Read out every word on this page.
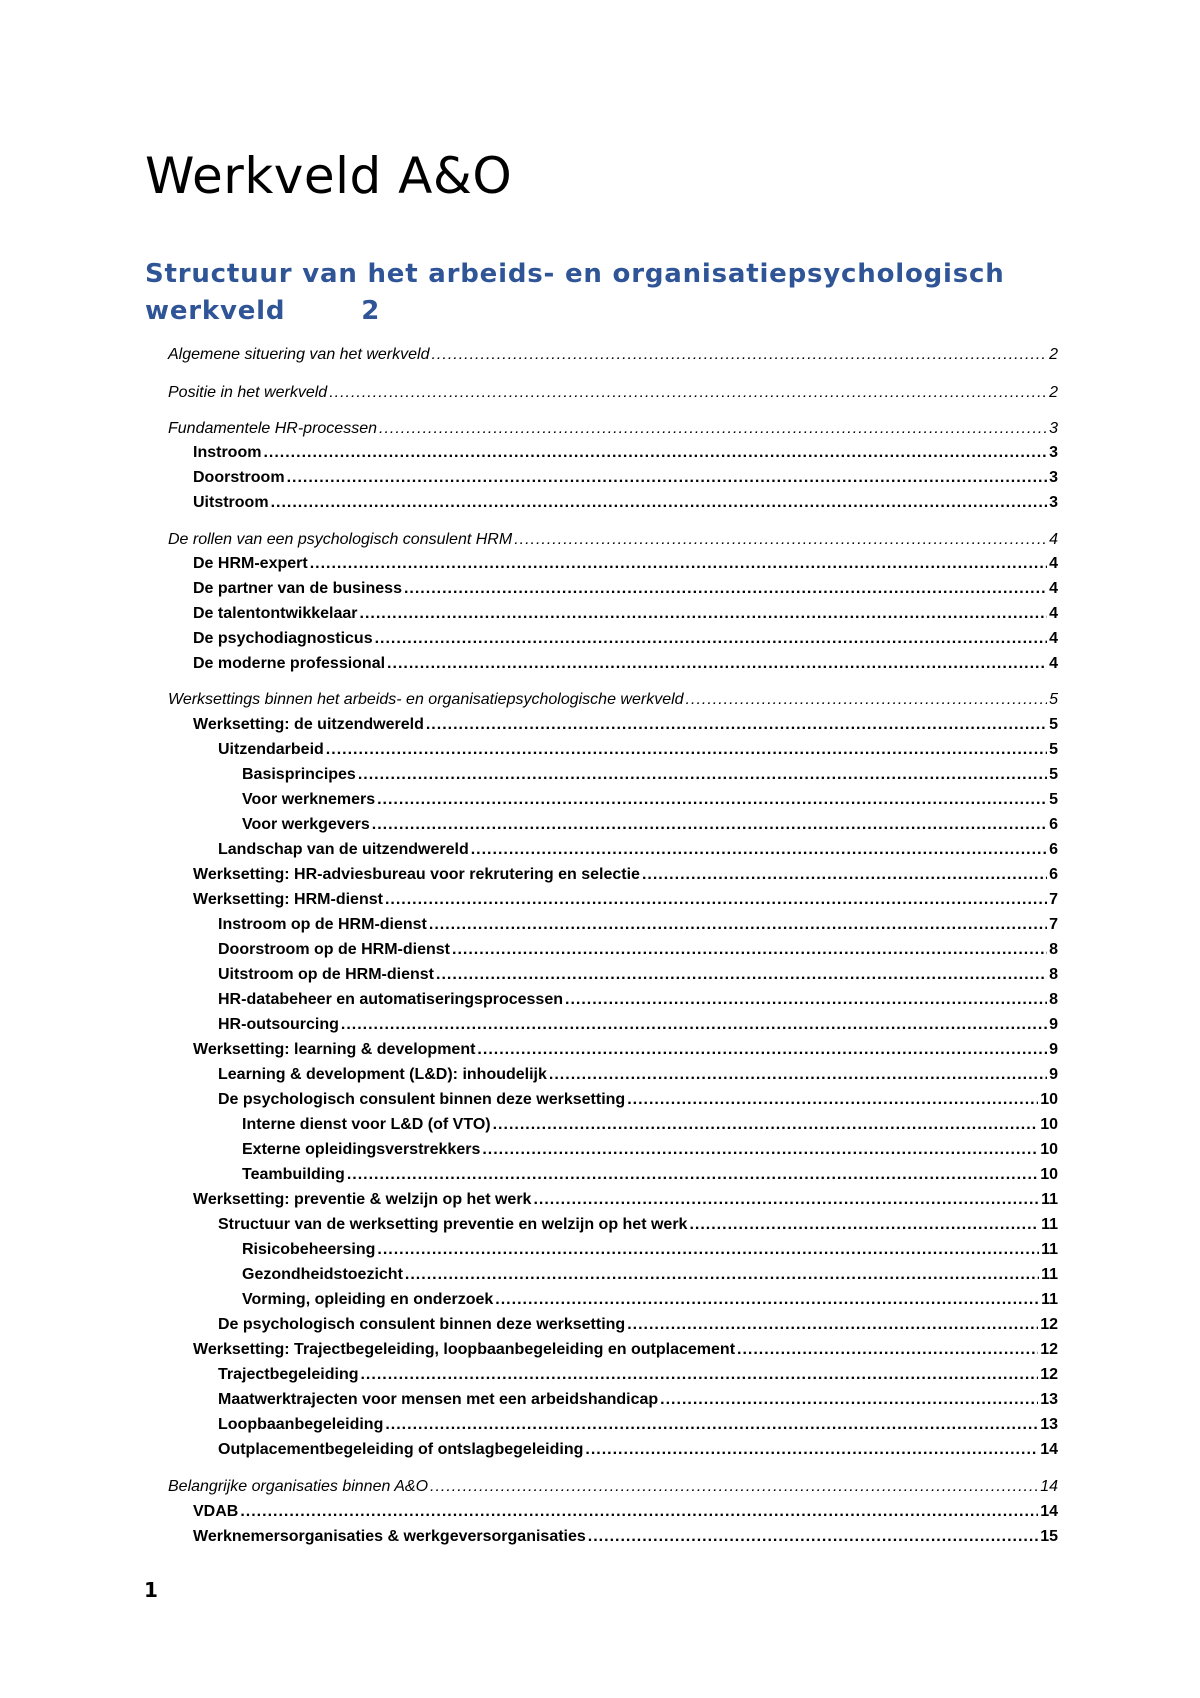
Werkveld A&O
Structuur van het arbeids- en organisatiepsychologisch werkveld	2
Algemene situering van het werkveld .....	2
Positie in het werkveld .....	2
Fundamentele HR-processen .....	3
Instroom .....	3
Doorstroom .....	3
Uitstroom .....	3
De rollen van een psychologisch consulent HRM .....	4
De HRM-expert .....	4
De partner van de business .....	4
De talentontwikkelaar .....	4
De psychodiagnosticus .....	4
De moderne professional .....	4
Werksettings binnen het arbeids- en organisatiepsychologische werkveld .....	5
Werksetting: de uitzendwereld .....	5
Uitzendarbeid .....	5
Basisprincipes .....	5
Voor werknemers .....	5
Voor werkgevers .....	6
Landschap van de uitzendwereld .....	6
Werksetting: HR-adviesbureau voor rekrutering en selectie .....	6
Werksetting: HRM-dienst .....	7
Instroom op de HRM-dienst .....	7
Doorstroom op de HRM-dienst .....	8
Uitstroom op de HRM-dienst .....	8
HR-databeheer en automatiseringsprocessen .....	8
HR-outsourcing .....	9
Werksetting: learning & development .....	9
Learning & development (L&D): inhoudelijk .....	9
De psychologisch consulent binnen deze werksetting .....	10
Interne dienst voor L&D (of VTO) .....	10
Externe opleidingsverstrekkers .....	10
Teambuilding .....	10
Werksetting: preventie & welzijn op het werk .....	11
Structuur van de werksetting preventie en welzijn op het werk .....	11
Risicobeheersing .....	11
Gezondheidstoezicht .....	11
Vorming, opleiding en onderzoek .....	11
De psychologisch consulent binnen deze werksetting .....	12
Werksetting: Trajectbegeleiding, loopbaanbegeleiding en outplacement .....	12
Trajectbegeleiding .....	12
Maatwerktrajecten voor mensen met een arbeidshandicap .....	13
Loopbaanbegeleiding .....	13
Outplacementbegeleiding of ontslagbegeleiding .....	14
Belangrijke organisaties binnen A&O .....	14
VDAB .....	14
Werknemersorganisaties & werkgeversorganisaties .....	15
1
